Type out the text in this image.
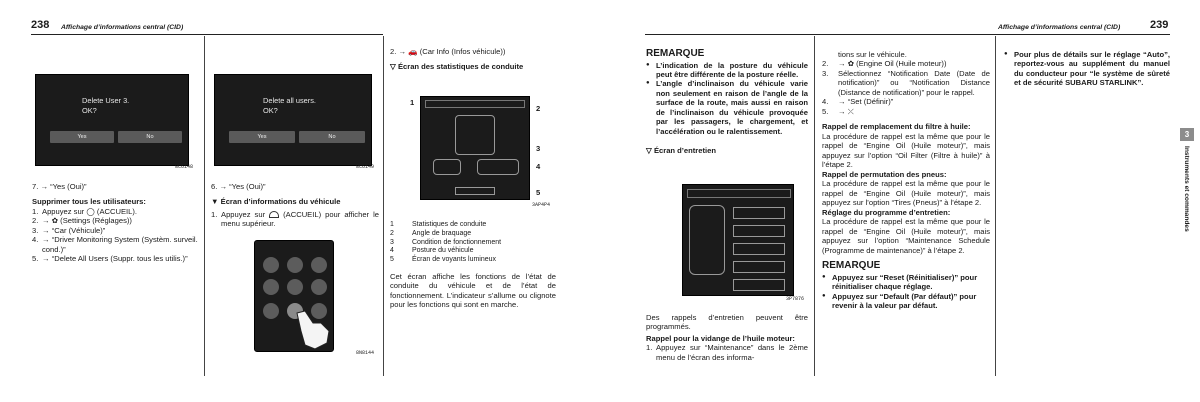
238 Affichage d’informations central (CID)
Delete User 3.
OK?
Yes	No
8C6148

7. → “Yes (Oui)”

Supprimer tous les utilisateurs:

1. Appuyez sur ◯ (ACCUEIL).
2. → ✿ (Settings (Réglages))
3. → “Car (Véhicule)”
4. → “Driver Monitoring System (Systèm. surveil. cond.)”
5. → “Delete All Users (Suppr. tous les utilis.)”
Delete all users.
OK?
Yes	No
8C6149

6. → “Yes (Oui)”

▼ Écran d’informations du véhicule

1. Appuyez sur (ACCUEIL) pour afficher le menu supérieur.
8N8144

2. → 🚗 (Car Info (Infos véhicule))

▽ Écran des statistiques de conduite

1
2
3
4
5
3AP4P4
1	Statistiques de conduite
2	Angle de braquage
3	Condition de fonctionnement
4	Posture du véhicule
5	Écran de voyants lumineux

Cet écran affiche les fonctions de l’état de conduite du véhicule et de l’état de fonctionnement. L’indicateur s’allume ou clignote pour les fonctions qui sont en marche.

Affichage d’informations central (CID)	239
REMARQUE
● L’indication de la posture du véhicule peut être différente de la posture réelle.
● L’angle d’inclinaison du véhicule varie non seulement en raison de l’angle de la surface de la route, mais aussi en raison de l’inclinaison du véhicule provoquée par les passagers, le chargement, et l’accélération ou le ralentissement.

▽ Écran d’entretien

3P7876

Des rappels d’entretien peuvent être programmés.

Rappel pour la vidange de l’huile moteur:

1. Appuyez sur “Maintenance” dans le 2ème menu de l’écran des informa-

tions sur le véhicule.

2. → ✿ (Engine Oil (Huile moteur))
3. Sélectionnez “Notification Date (Date de notification)” ou “Notification Distance (Distance de notification)” pour le rappel.
4. → “Set (Définir)”
5. → ⤫

Rappel de remplacement du filtre à huile:

La procédure de rappel est la même que pour le rappel de “Engine Oil (Huile moteur)”, mais appuyez sur l’option “Oil Filter (Filtre à huile)” à l’étape 2.

Rappel de permutation des pneus:

La procédure de rappel est la même que pour le rappel de “Engine Oil (Huile moteur)”, mais appuyez sur l’option “Tires (Pneus)” à l’étape 2.

Réglage du programme d’entretien:

La procédure de rappel est la même que pour le rappel de “Engine Oil (Huile moteur)”, mais appuyez sur l’option “Maintenance Schedule (Programme de maintenance)” à l’étape 2.

REMARQUE
● Appuyez sur “Reset (Réinitialiser)” pour réinitialiser chaque réglage.
● Appuyez sur “Default (Par défaut)” pour revenir à la valeur par défaut.
● Pour plus de détails sur le réglage “Auto”, reportez-vous au supplément du manuel du conducteur pour “le système de sûreté et de sécurité SUBARU STARLINK”.
3
Instruments et commandes
